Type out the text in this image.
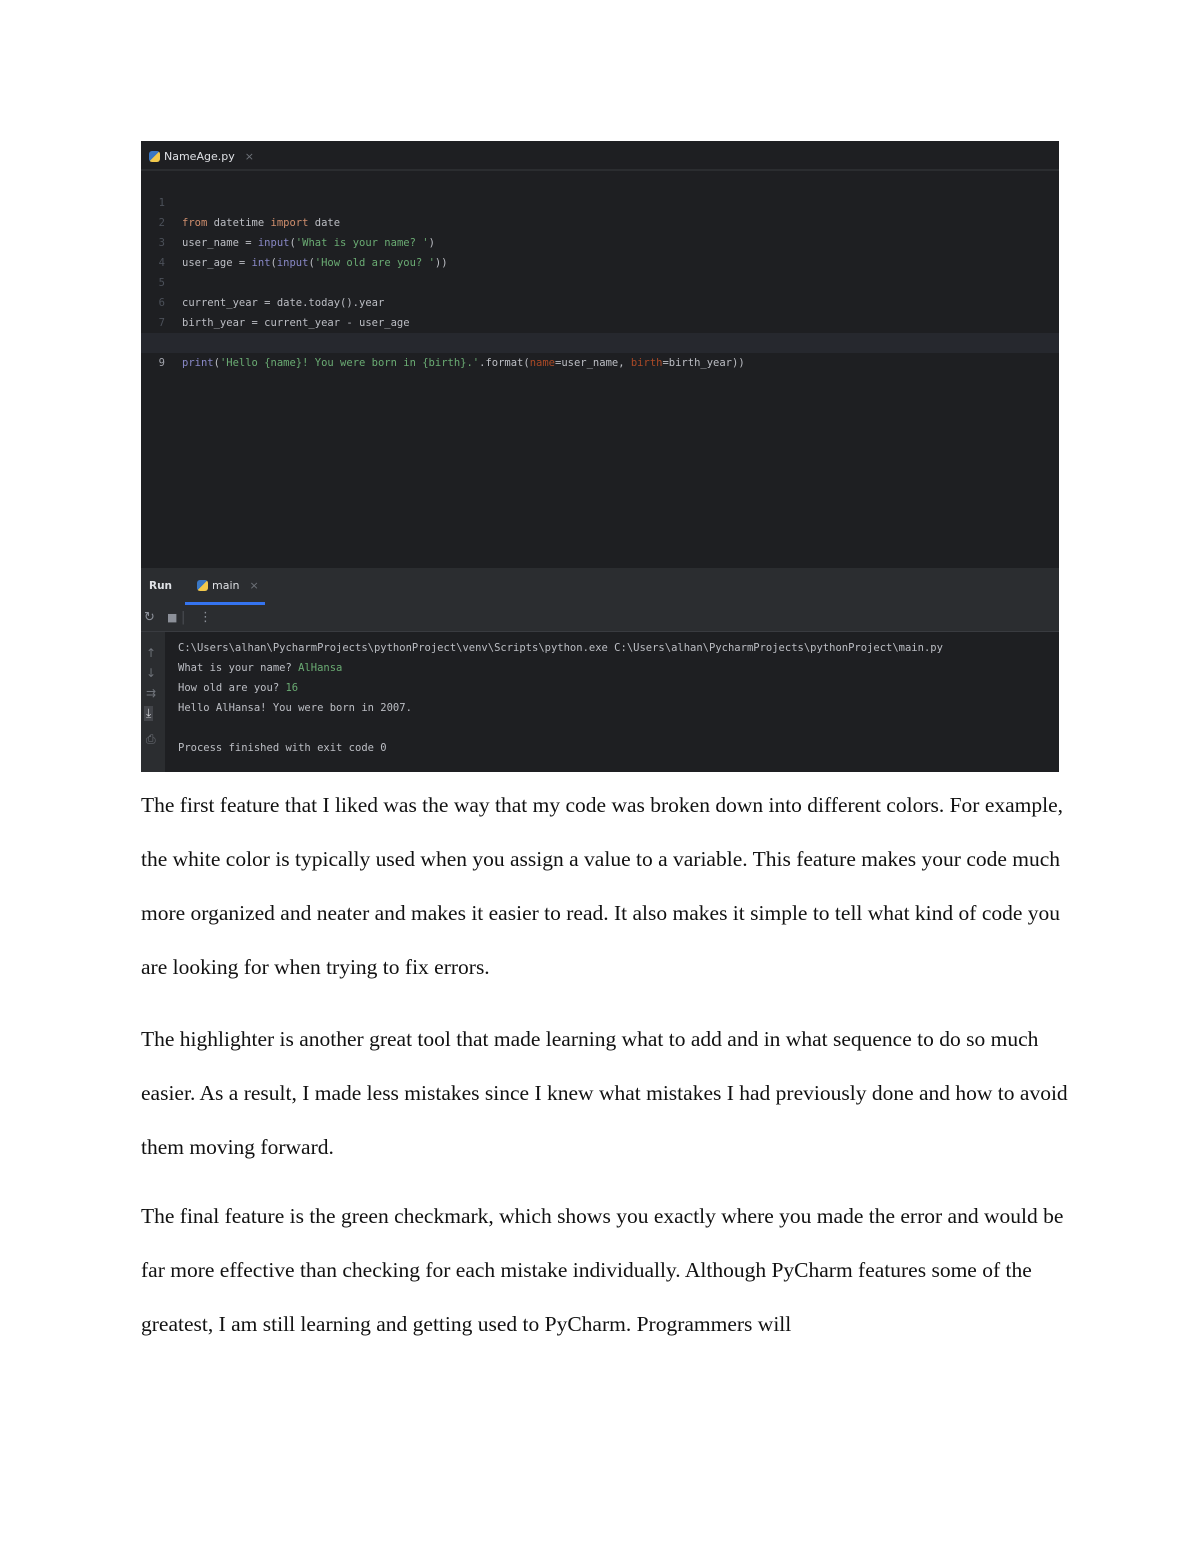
NameAge.py ×

1

from datetime import date

2

user_name = input('What is your name? ')

3

user_age = int(input('How old are you? '))

4

5

current_year = date.today().year

6

birth_year = current_year - user_age

7

print('Hello {name}! You were born in {birth}.'.format(name=user_name, birth=birth_year))

9

Run	main ×
↻ ■ | ⋮
↑
↓
⇉
⤓
⎙
C:\Users\alhan\PycharmProjects\pythonProject\venv\Scripts\python.exe C:\Users\alhan\PycharmProjects\pythonProject\main.py
What is your name? AlHansa
How old are you? 16
Hello AlHansa! You were born in 2007.
Process finished with exit code 0

The first feature that I liked was the way that my code was broken down into different colors. For example, the white color is typically used when you assign a value to a variable. This feature makes your code much more organized and neater and makes it easier to read. It also makes it simple to tell what kind of code you are looking for when trying to fix errors.

The highlighter is another great tool that made learning what to add and in what sequence to do so much easier. As a result, I made less mistakes since I knew what mistakes I had previously done and how to avoid them moving forward.

The final feature is the green checkmark, which shows you exactly where you made the error and would be far more effective than checking for each mistake individually. Although PyCharm features some of the greatest, I am still learning and getting used to PyCharm. Programmers will
